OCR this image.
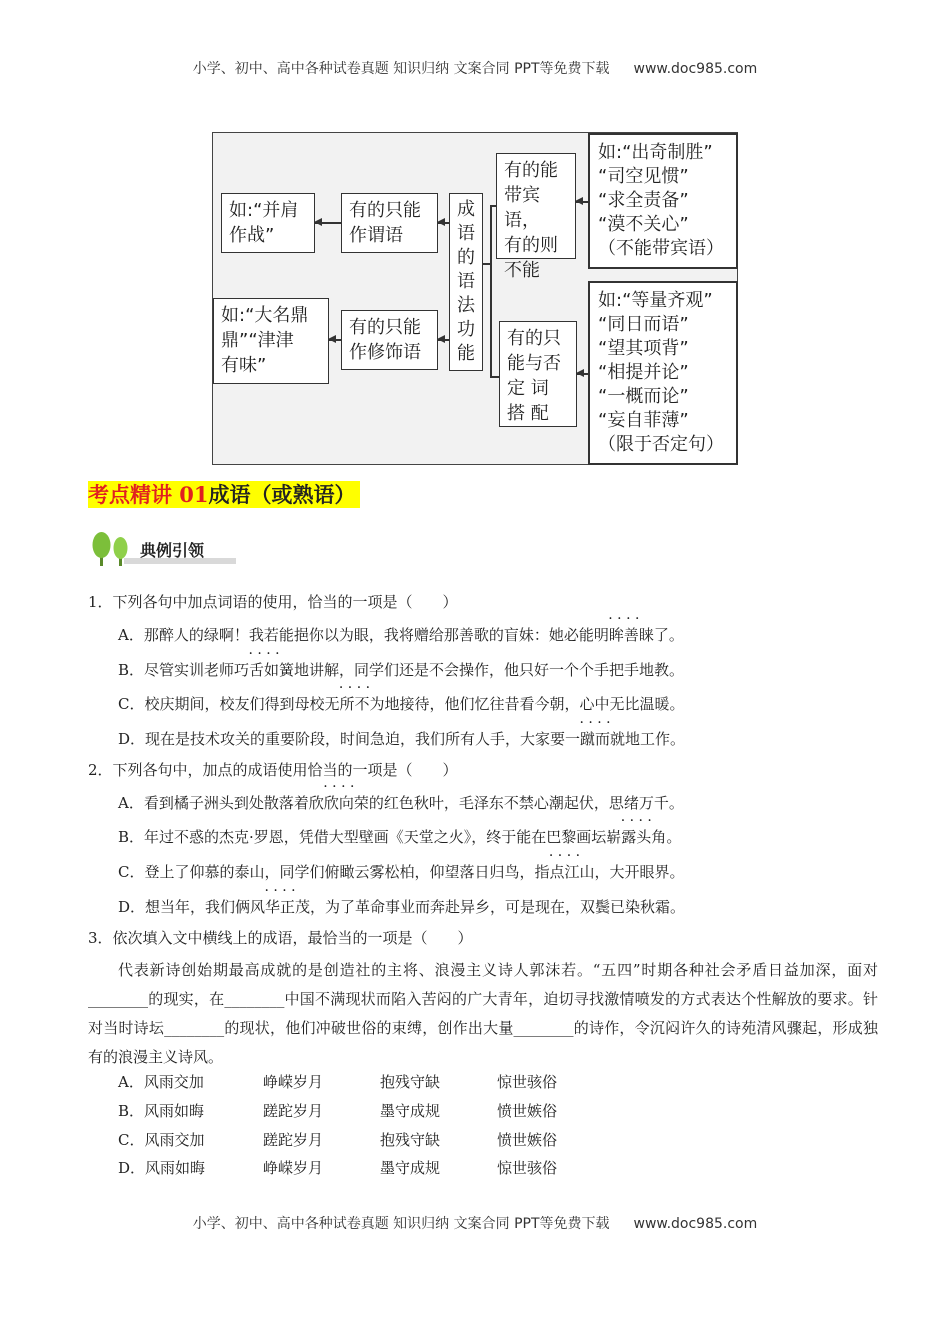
小学、初中、高中各种试卷真题 知识归纳 文案合同 PPT等免费下载 www.doc985.com
成
语
的
语
法
功
能
有的只能
作谓语
如:“并肩
作战”
有的只能
作修饰语
如:“大名鼎
鼎”“津津
有味”
有的能
带宾语，
有的则
不能
如:“出奇制胜”
“司空见惯”
“求全责备”
“漠不关心”
（不能带宾语）
有的只
能与否
定 词
搭 配
如:“等量齐观”
“同日而语”
“望其项背”
“相提并论”
“一概而论”
“妄自菲薄”
（限于否定句）
考点精讲 01成语（或熟语）
典例引领
1．下列各句中加点词语的使用，恰当的一项是（　　）
A．那醉人的绿啊！我若能挹你以为眼，我将赠给那善歌的盲妹：她必能明眸善睐 · · · ·了。
B．尽管实训老师巧舌如簧 · · · ·地讲解，同学们还是不会操作，他只好一个个手把手地教。
C．校庆期间，校友们得到母校无所不为 · · · ·地接待，他们忆往昔看今朝，心中无比温暖。
D．现在是技术攻关的重要阶段，时间急迫，我们所有人手，大家要一蹴而就 · · · ·地工作。
2．下列各句中，加点的成语使用恰当的一项是（　　）
A．看到橘子洲头到处散落着欣欣向荣 · · · ·的红色秋叶，毛泽东不禁心潮起伏，思绪万千。
B．年过不惑的杰克·罗恩，凭借大型壁画《天堂之火》，终于能在巴黎画坛崭露头角 · · · ·。
C．登上了仰慕的泰山，同学们俯瞰云雾松柏，仰望落日归鸟，指点江山 · · · ·，大开眼界。
D．想当年，我们俩风华正茂 · · · ·，为了革命事业而奔赴异乡，可是现在，双鬓已染秋霜。
3．依次填入文中横线上的成语，最恰当的一项是（　　）
代表新诗创始期最高成就的是创造社的主将、浪漫主义诗人郭沫若。“五四”时期各种社会矛盾日益加深，面对________的现实，在________中国不满现状而陷入苦闷的广大青年，迫切寻找激情喷发的方式表达个性解放的要求。针对当时诗坛________的现状，他们冲破世俗的束缚，创作出大量________的诗作，令沉闷许久的诗苑清风骤起，形成独有的浪漫主义诗风。
A．风雨交加	峥嵘岁月	抱残守缺	惊世骇俗
B．风雨如晦	蹉跎岁月	墨守成规	愤世嫉俗
C．风雨交加	蹉跎岁月	抱残守缺	愤世嫉俗
D．风雨如晦	峥嵘岁月	墨守成规	惊世骇俗
小学、初中、高中各种试卷真题 知识归纳 文案合同 PPT等免费下载 www.doc985.com
